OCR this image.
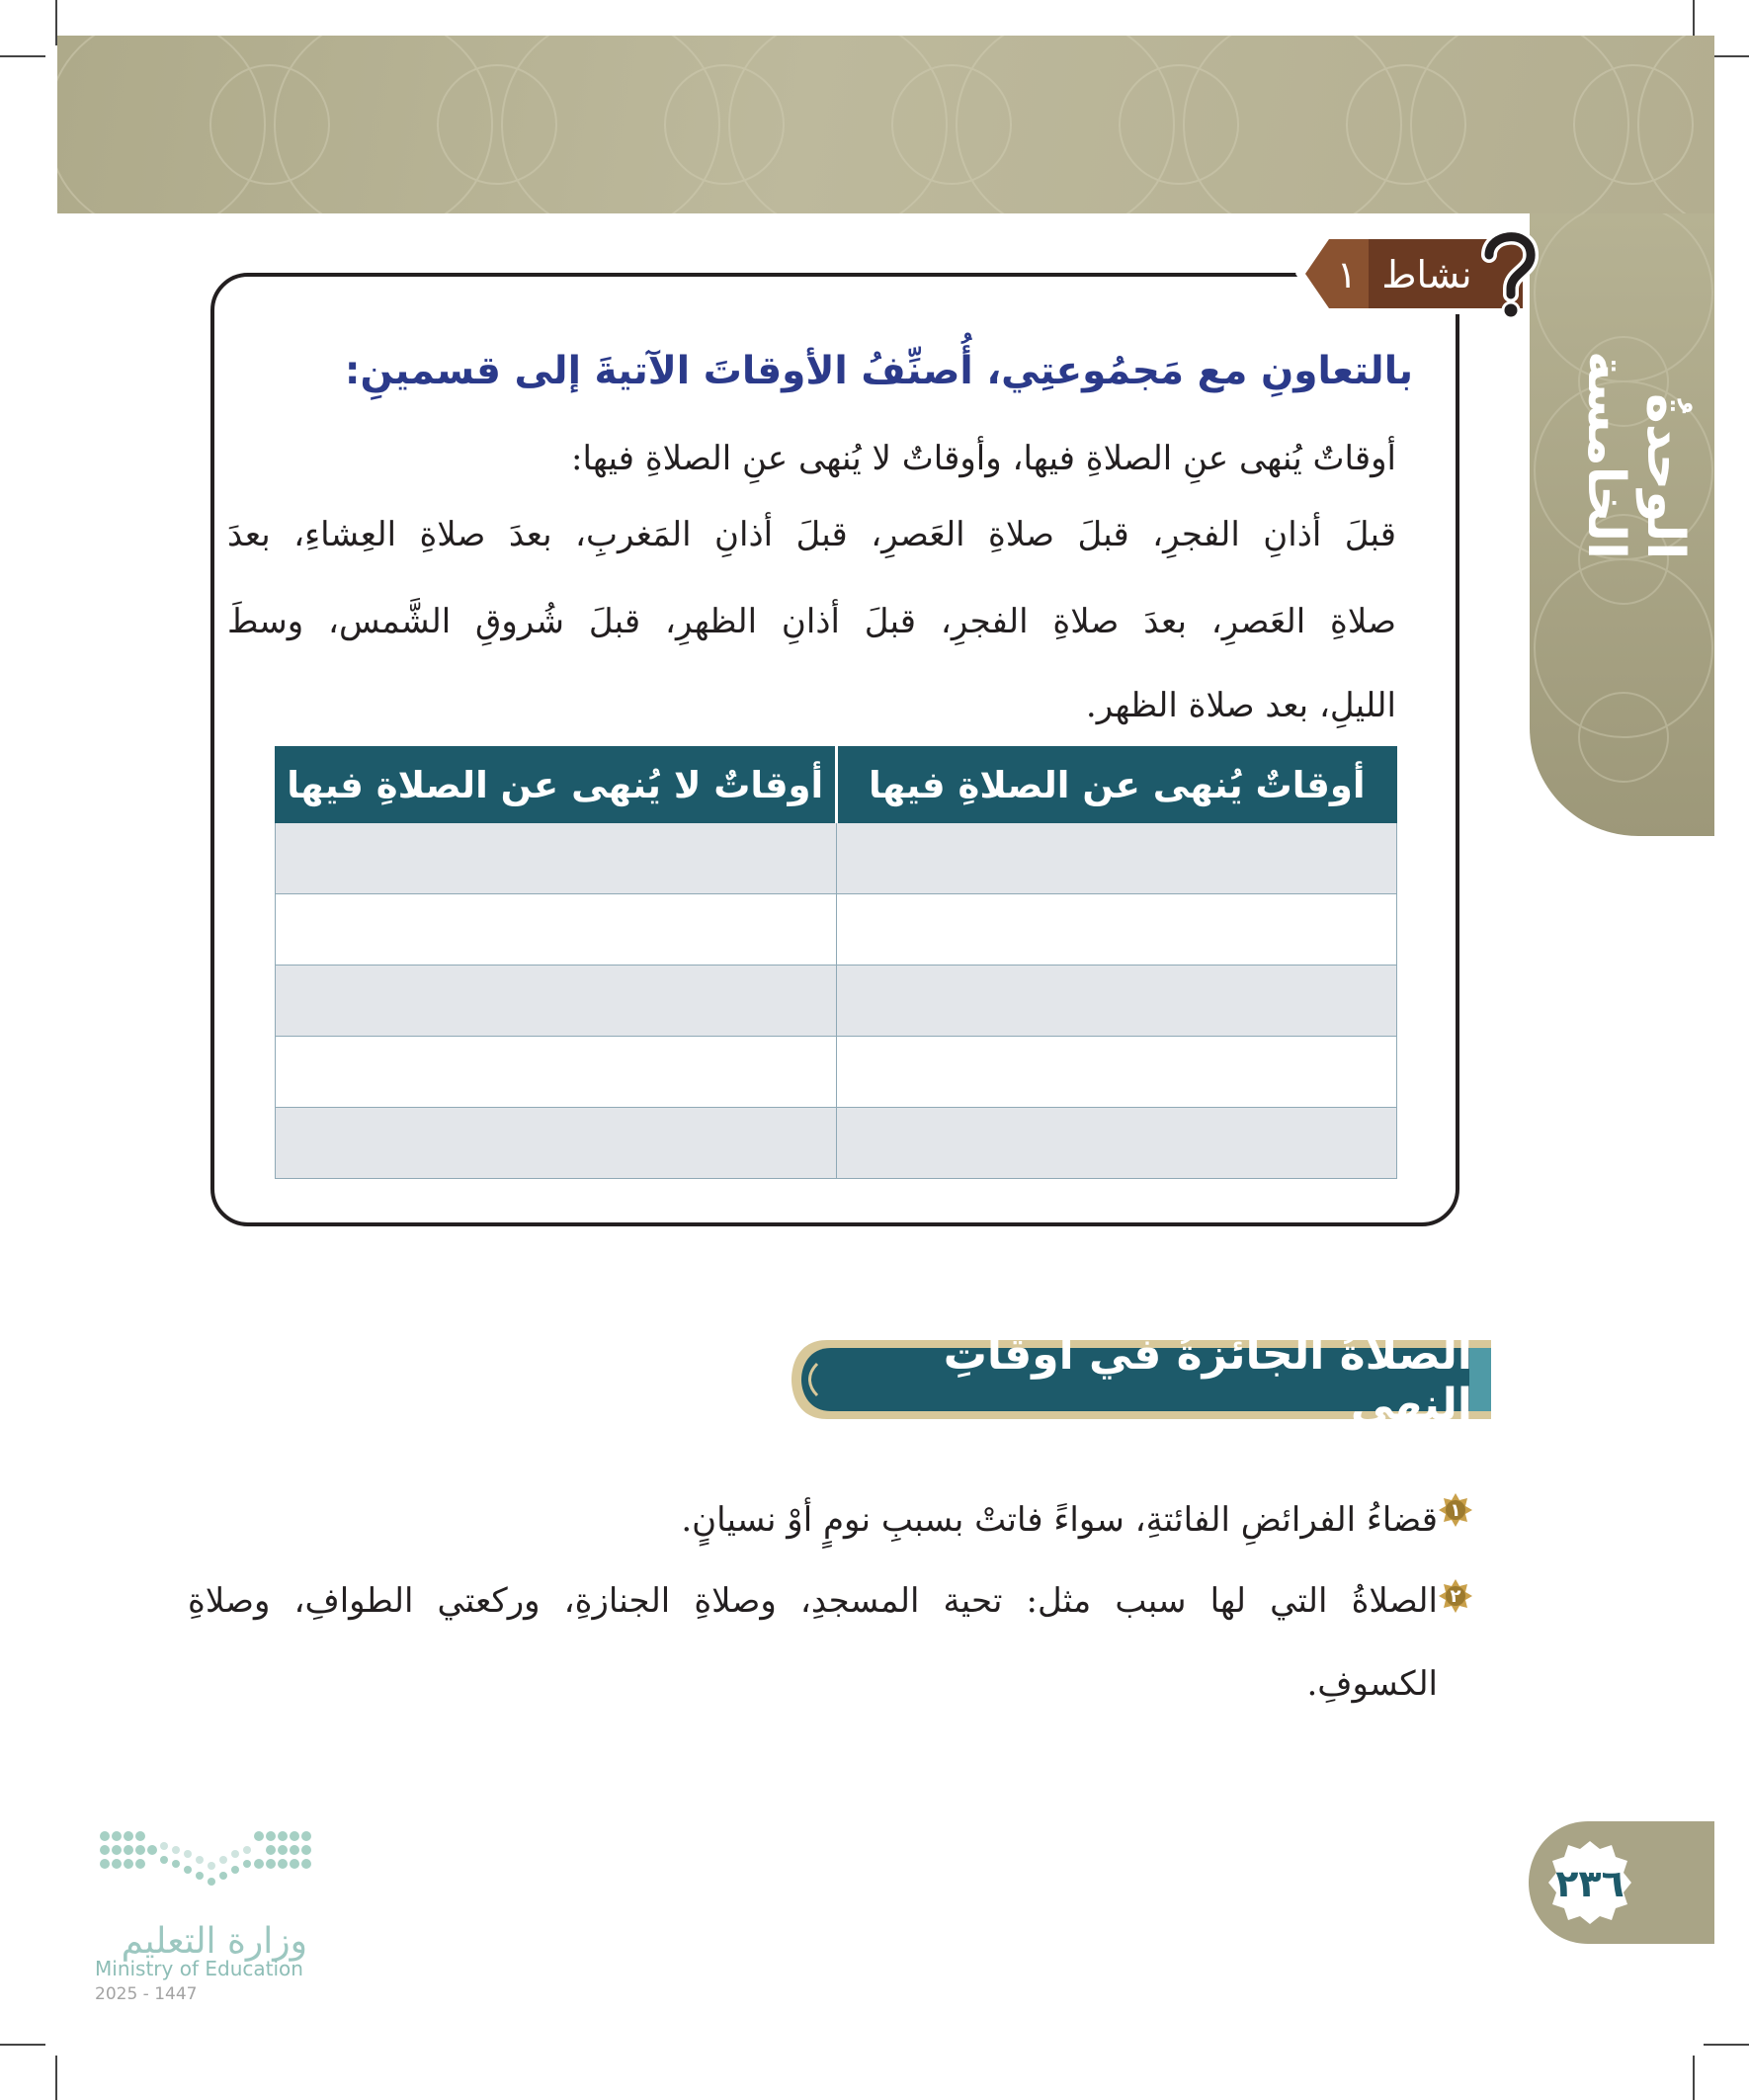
الوحدةُ الخامسة
١ نشاط
بالتعاونِ مع مَجمُوعتِي، أُصنِّفُ الأوقاتَ الآتيةَ إلى قسمينِ:
أوقاتٌ يُنهى عنِ الصلاةِ فيها، وأوقاتٌ لا يُنهى عنِ الصلاةِ فيها:
قبلَ أذانِ الفجرِ، قبلَ صلاةِ العَصرِ، قبلَ أذانِ المَغربِ، بعدَ صلاةِ العِشاءِ، بعدَ
صلاةِ العَصرِ، بعدَ صلاةِ الفجرِ، قبلَ أذانِ الظهرِ، قبلَ شُروقِ الشَّمس، وسطَ
الليلِ، بعد صلاة الظهر.
أوقاتٌ لا يُنهى عن الصلاةِ فيها	أوقاتٌ يُنهى عن الصلاةِ فيها

الصلاةُ الجائزةُ في أوقاتِ النهي
١
قضاءُ الفرائضِ الفائتةِ، سواءً فاتتْ بسببِ نومٍ أوْ نسيانٍ.
٢
الصلاةُ التي لها سبب مثل: تحية المسجدِ، وصلاةِ الجنازةِ، وركعتي الطوافِ، وصلاةِ
الكسوفِ.
٢٣٦
وزارة التعليم
Ministry of Education
2025 - 1447
